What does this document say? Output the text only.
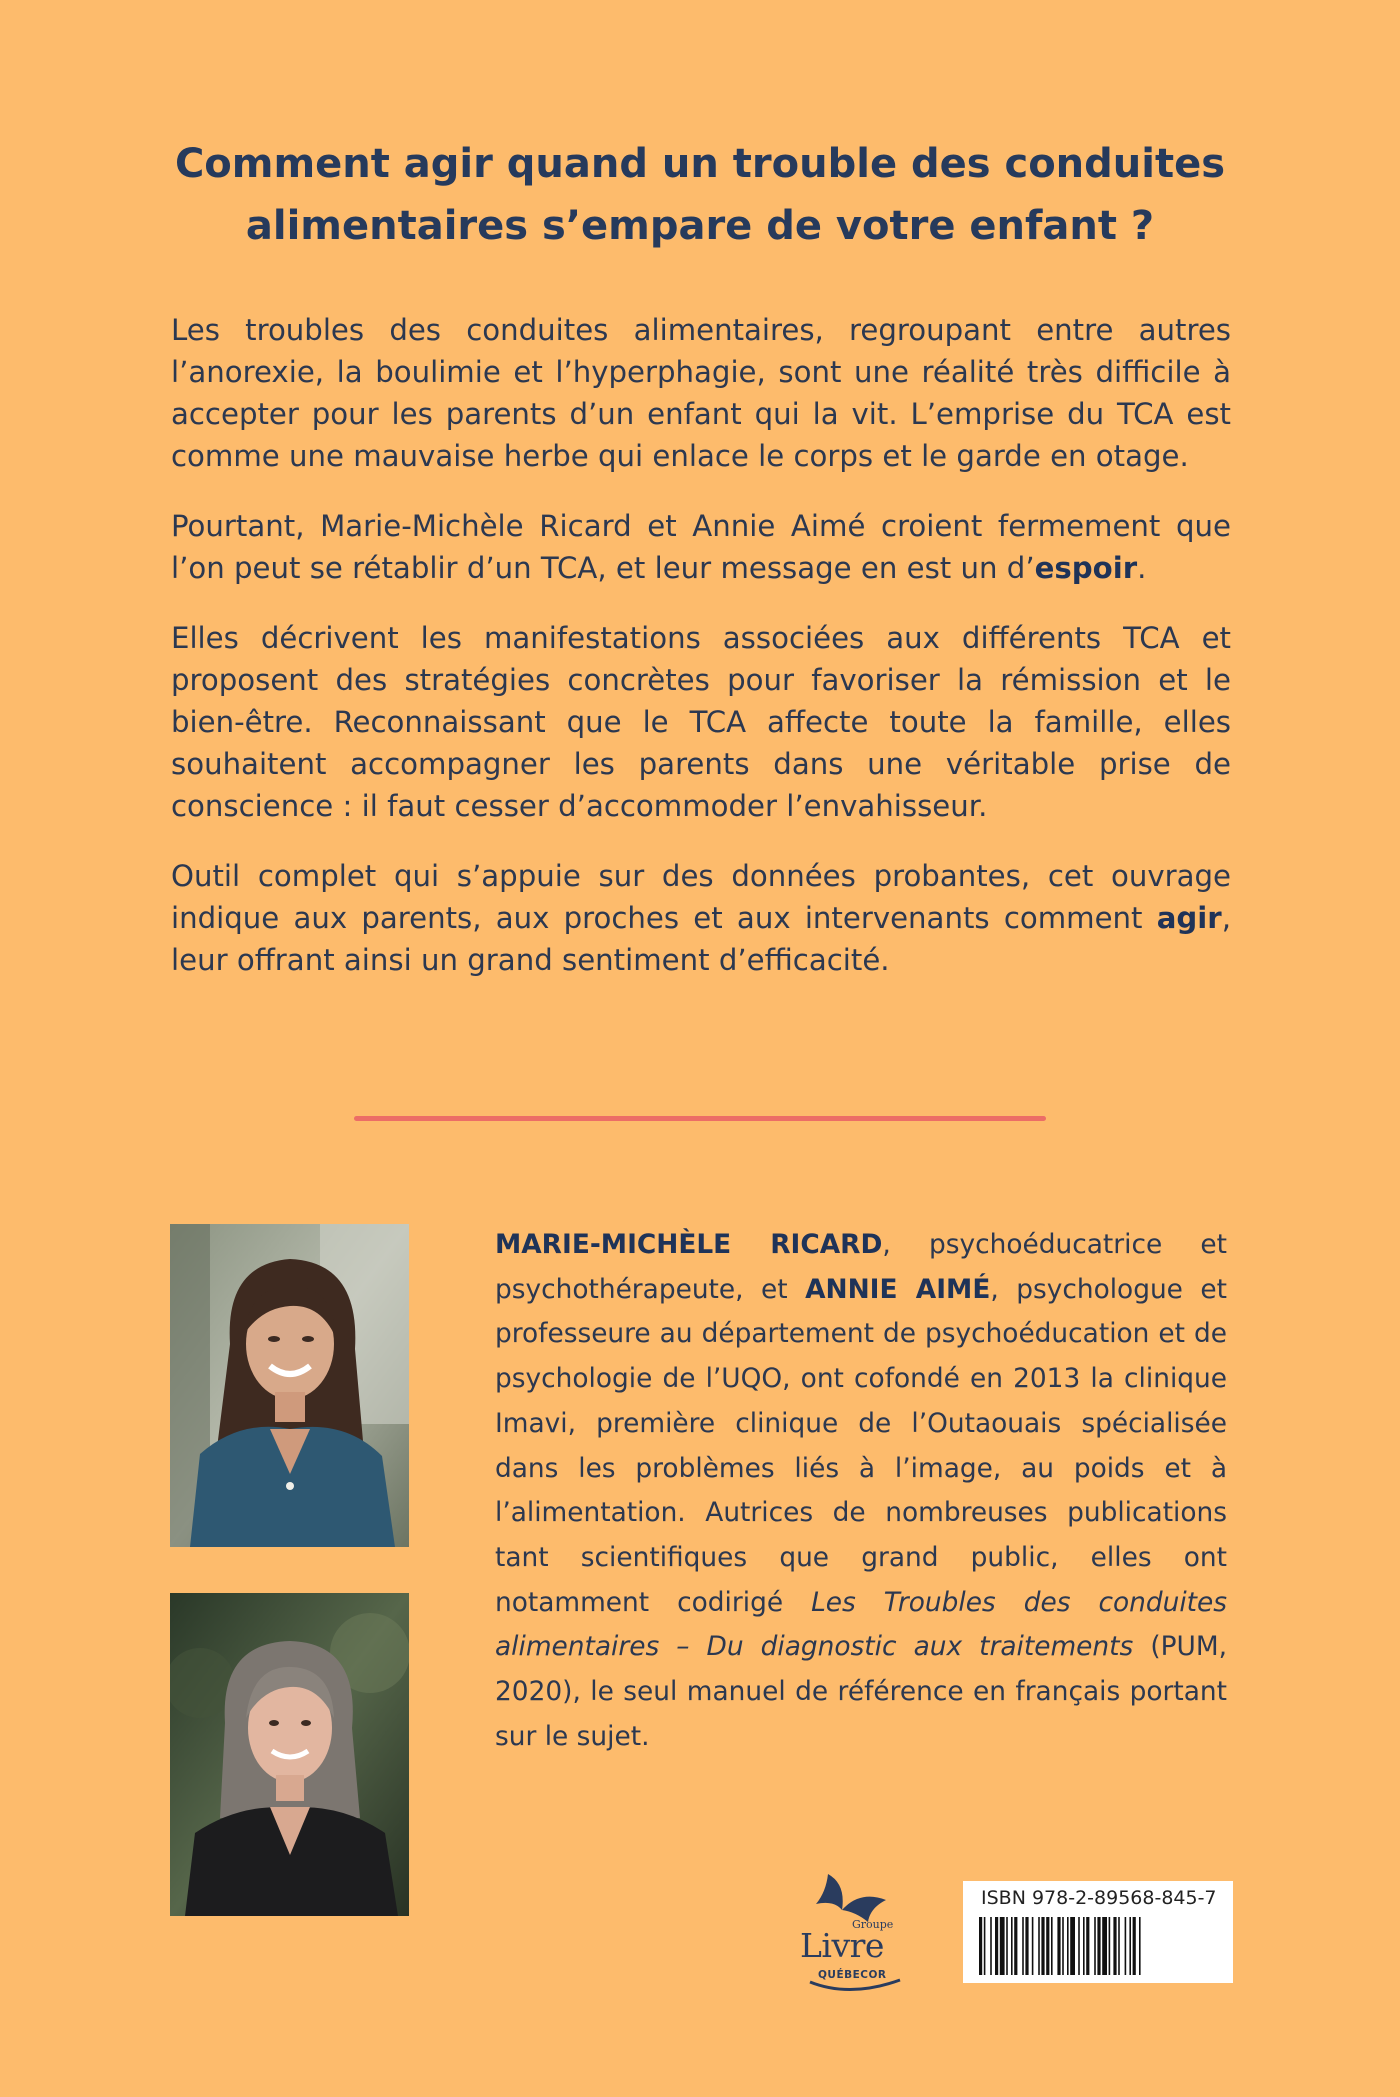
Comment agir quand un trouble des conduites
alimentaires s’empare de votre enfant ?

Les troubles des conduites alimentaires, regroupant entre autres l’anorexie, la boulimie et l’hyperphagie, sont une réalité très difficile à accepter pour les parents d’un enfant qui la vit. L’emprise du TCA est comme une mauvaise herbe qui enlace le corps et le garde en otage.

Pourtant, Marie-Michèle Ricard et Annie Aimé croient fermement que l’on peut se rétablir d’un TCA, et leur message en est un d’espoir.

Elles décrivent les manifestations associées aux différents TCA et proposent des stratégies concrètes pour favoriser la rémission et le bien-être. Reconnaissant que le TCA affecte toute la famille, elles souhaitent accompagner les parents dans une véritable prise de conscience : il faut cesser d’accommoder l’envahisseur.

Outil complet qui s’appuie sur des données probantes, cet ouvrage indique aux parents, aux proches et aux intervenants comment agir, leur offrant ainsi un grand sentiment d’efficacité.

MARIE-MICHÈLE RICARD, psychoéducatrice et psychothérapeute, et ANNIE AIMÉ, psychologue et professeure au département de psychoéducation et de psychologie de l’UQO, ont cofondé en 2013 la clinique Imavi, première clinique de l’Outaouais spécialisée dans les problèmes liés à l’image, au poids et à l’alimentation. Autrices de nombreuses publications tant scientifiques que grand public, elles ont notamment codirigé Les Troubles des conduites alimentaires – Du diagnostic aux traitements (PUM, 2020), le seul manuel de référence en français portant sur le sujet.

Groupe
Livre
QUÉBECOR
ISBN 978-2-89568-845-7
